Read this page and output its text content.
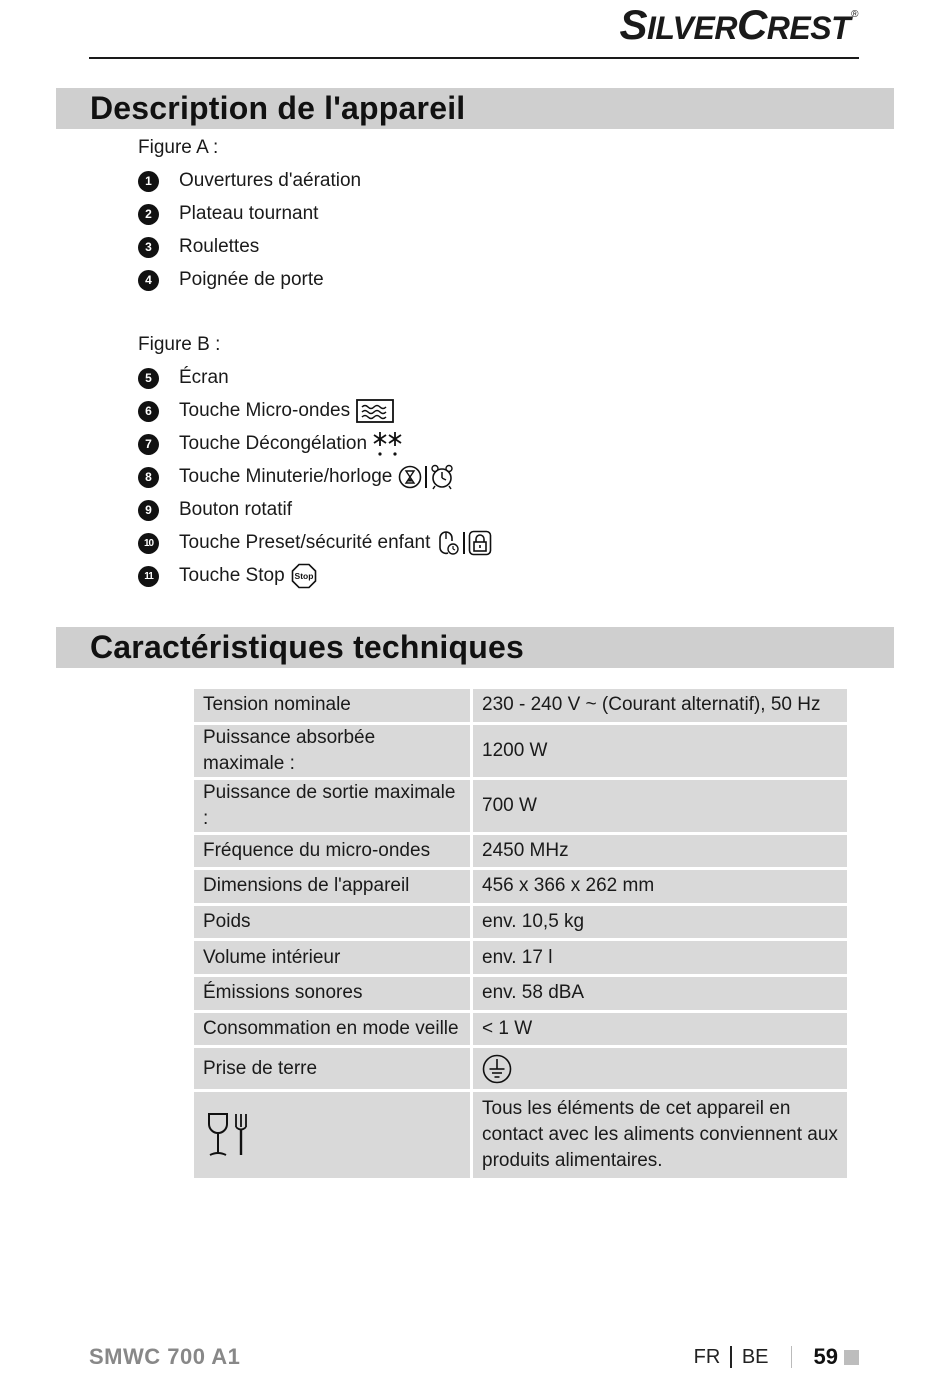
SILVERCREST®
Description de l'appareil
Figure A :
1	Ouvertures d'aération
2	Plateau tournant
3	Roulettes
4	Poignée de porte
Figure B :
5	Écran
6	Touche Micro-ondes
7	Touche Décongélation
8	Touche Minuterie/horloge
9	Bouton rotatif
10	Touche Preset/sécurité enfant
11	Touche Stop Stop
Caractéristiques techniques
Tension nominale	230 - 240 V ~ (Courant alternatif), 50 Hz
Puissance absorbée maximale :	1200 W
Puissance de sortie maximale :	700 W
Fréquence du micro-ondes	2450 MHz
Dimensions de l'appareil	456 x 366 x 262 mm
Poids	env. 10,5 kg
Volume intérieur	env. 17 l
Émissions sonores	env. 58 dBA
Consommation en mode veille	< 1 W
Prise de terre	

	Tous les éléments de cet appareil en contact avec les aliments conviennent aux produits alimentaires.
SMWC 700 A1	FR BE 59
